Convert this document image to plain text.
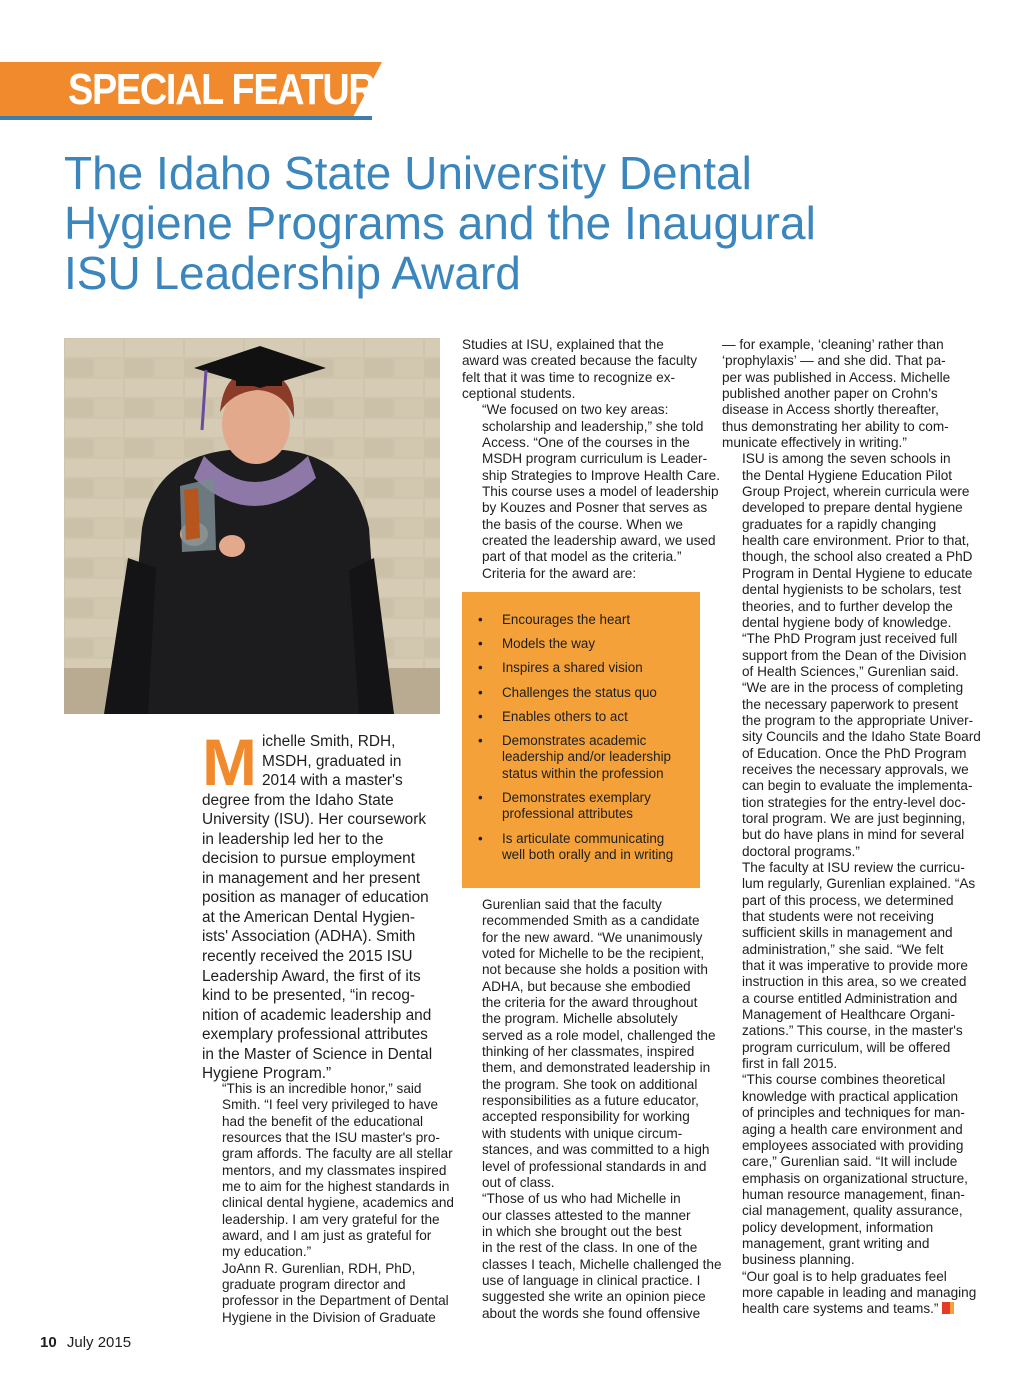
SPECIAL FEATURE
The Idaho State University Dental
Hygiene Programs and the Inaugural
ISU Leadership Award
M ichelle Smith, RDH,
MSDH, graduated in
2014 with a master's
degree from the Idaho State
University (ISU). Her coursework
in leadership led her to the
decision to pursue employment
in management and her present
position as manager of education
at the American Dental Hygien-
ists' Association (ADHA). Smith
recently received the 2015 ISU
Leadership Award, the first of its
kind to be presented, “in recog-
nition of academic leadership and
exemplary professional attributes
in the Master of Science in Dental
Hygiene Program.”

“This is an incredible honor,” said
Smith. “I feel very privileged to have
had the benefit of the educational
resources that the ISU master's pro-
gram affords. The faculty are all stellar
mentors, and my classmates inspired
me to aim for the highest standards in
clinical dental hygiene, academics and
leadership. I am very grateful for the
award, and I am just as grateful for
my education.”

JoAnn R. Gurenlian, RDH, PhD,
graduate program director and
professor in the Department of Dental
Hygiene in the Division of Graduate

Studies at ISU, explained that the
award was created because the faculty
felt that it was time to recognize ex-
ceptional students.

“We focused on two key areas:
scholarship and leadership,” she told
Access. “One of the courses in the
MSDH program curriculum is Leader-
ship Strategies to Improve Health Care.
This course uses a model of leadership
by Kouzes and Posner that serves as
the basis of the course. When we
created the leadership award, we used
part of that model as the criteria.”
Criteria for the award are:

• Encourages the heart
• Models the way
• Inspires a shared vision
• Challenges the status quo
• Enables others to act
• Demonstrates academic
leadership and/or leadership
status within the profession
• Demonstrates exemplary
professional attributes
• Is articulate communicating
well both orally and in writing

Gurenlian said that the faculty
recommended Smith as a candidate
for the new award. “We unanimously
voted for Michelle to be the recipient,
not because she holds a position with
ADHA, but because she embodied
the criteria for the award throughout
the program. Michelle absolutely
served as a role model, challenged the
thinking of her classmates, inspired
them, and demonstrated leadership in
the program. She took on additional
responsibilities as a future educator,
accepted responsibility for working
with students with unique circum-
stances, and was committed to a high
level of professional standards in and
out of class.

“Those of us who had Michelle in
our classes attested to the manner
in which she brought out the best
in the rest of the class. In one of the
classes I teach, Michelle challenged the
use of language in clinical practice. I
suggested she write an opinion piece
about the words she found offensive

— for example, ‘cleaning’ rather than
‘prophylaxis’ — and she did. That pa-
per was published in Access. Michelle
published another paper on Crohn's
disease in Access shortly thereafter,
thus demonstrating her ability to com-
municate effectively in writing.”

ISU is among the seven schools in
the Dental Hygiene Education Pilot
Group Project, wherein curricula were
developed to prepare dental hygiene
graduates for a rapidly changing
health care environment. Prior to that,
though, the school also created a PhD
Program in Dental Hygiene to educate
dental hygienists to be scholars, test
theories, and to further develop the
dental hygiene body of knowledge.

“The PhD Program just received full
support from the Dean of the Division
of Health Sciences,” Gurenlian said.
“We are in the process of completing
the necessary paperwork to present
the program to the appropriate Univer-
sity Councils and the Idaho State Board
of Education. Once the PhD Program
receives the necessary approvals, we
can begin to evaluate the implementa-
tion strategies for the entry-level doc-
toral program. We are just beginning,
but do have plans in mind for several
doctoral programs.”

The faculty at ISU review the curricu-
lum regularly, Gurenlian explained. “As
part of this process, we determined
that students were not receiving
sufficient skills in management and
administration,” she said. “We felt
that it was imperative to provide more
instruction in this area, so we created
a course entitled Administration and
Management of Healthcare Organi-
zations.” This course, in the master's
program curriculum, will be offered
first in fall 2015.

“This course combines theoretical
knowledge with practical application
of principles and techniques for man-
aging a health care environment and
employees associated with providing
care,” Gurenlian said. “It will include
emphasis on organizational structure,
human resource management, finan-
cial management, quality assurance,
policy development, information
management, grant writing and
business planning.

“Our goal is to help graduates feel
more capable in leading and managing
health care systems and teams.”

10 July 2015
